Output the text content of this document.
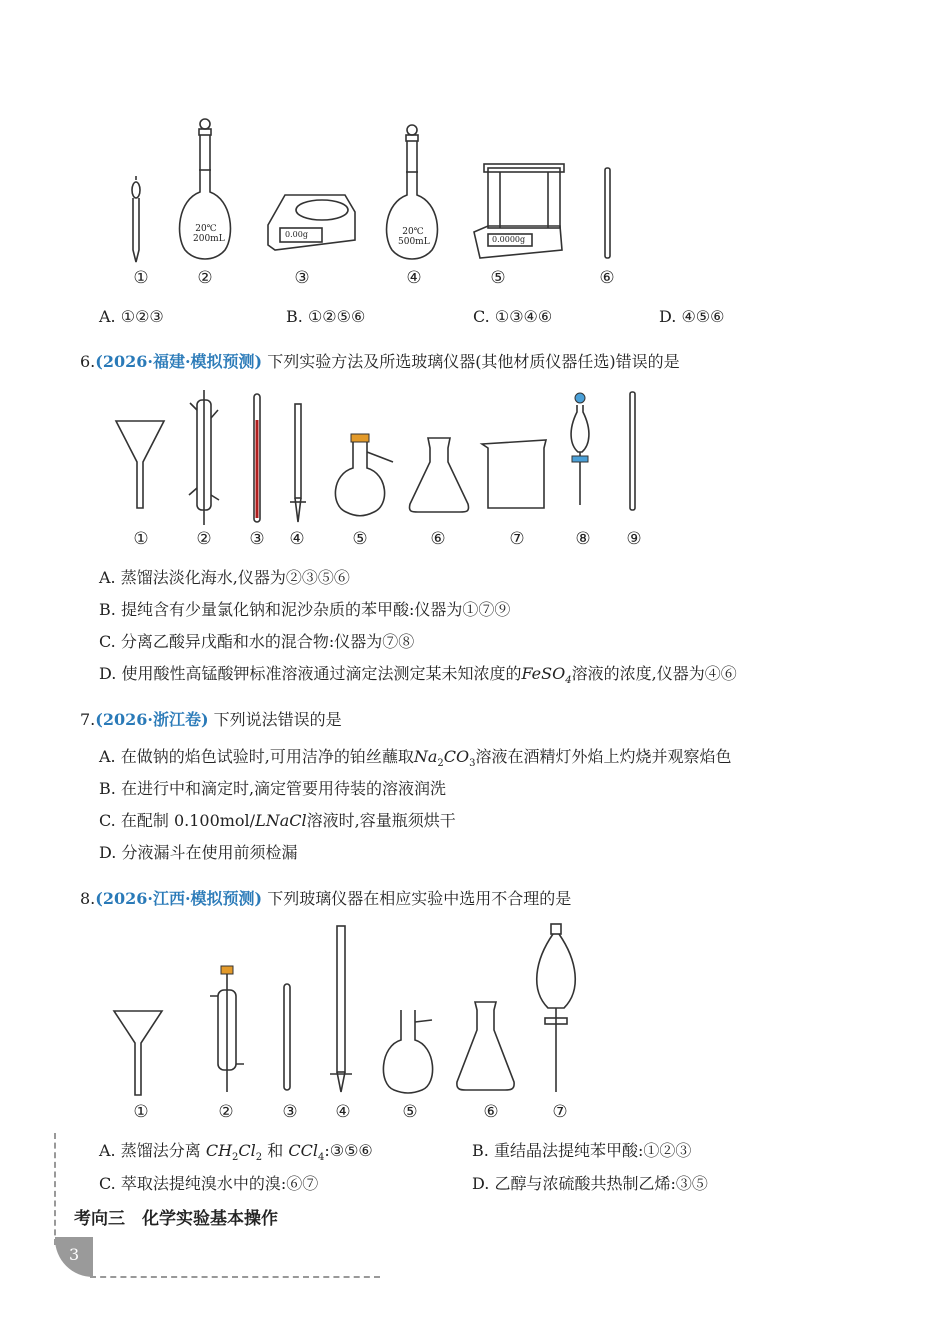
20℃
200mL	0.00g	20℃
500mL	0.0000g
①	②	③	④	⑤	⑥
A. ①②③	B. ①②⑤⑥	C. ①③④⑥	D. ④⑤⑥
6.(2026·福建·模拟预测) 下列实验方法及所选玻璃仪器(其他材质仪器任选)错误的是
①	②	③	④	⑤	⑥	⑦	⑧	⑨
A. 蒸馏法淡化海水,仪器为②③⑤⑥
B. 提纯含有少量氯化钠和泥沙杂质的苯甲酸:仪器为①⑦⑨
C. 分离乙酸异戊酯和水的混合物:仪器为⑦⑧
D. 使用酸性高锰酸钾标准溶液通过滴定法测定某未知浓度的FeSO$_4$溶液的浓度,仪器为④⑥
7.(2026·浙江卷) 下列说法错误的是
A. 在做钠的焰色试验时,可用洁净的铂丝蘸取$Na_2CO_3$溶液在酒精灯外焰上灼烧并观察焰色
B. 在进行中和滴定时,滴定管要用待装的溶液润洗
C. 在配制 0.100mol/LNaCl溶液时,容量瓶须烘干
D. 分液漏斗在使用前须检漏
8.(2026·江西·模拟预测) 下列玻璃仪器在相应实验中选用不合理的是
①	②	③	④	⑤	⑥	⑦
A. 蒸馏法分离 $CH_2Cl_2$ 和 CCl$_4$:③⑤⑥	B. 重结晶法提纯苯甲酸:①②③
C. 萃取法提纯溴水中的溴:⑥⑦	D. 乙醇与浓硫酸共热制乙烯:③⑤
考向三　化学实验基本操作
3
